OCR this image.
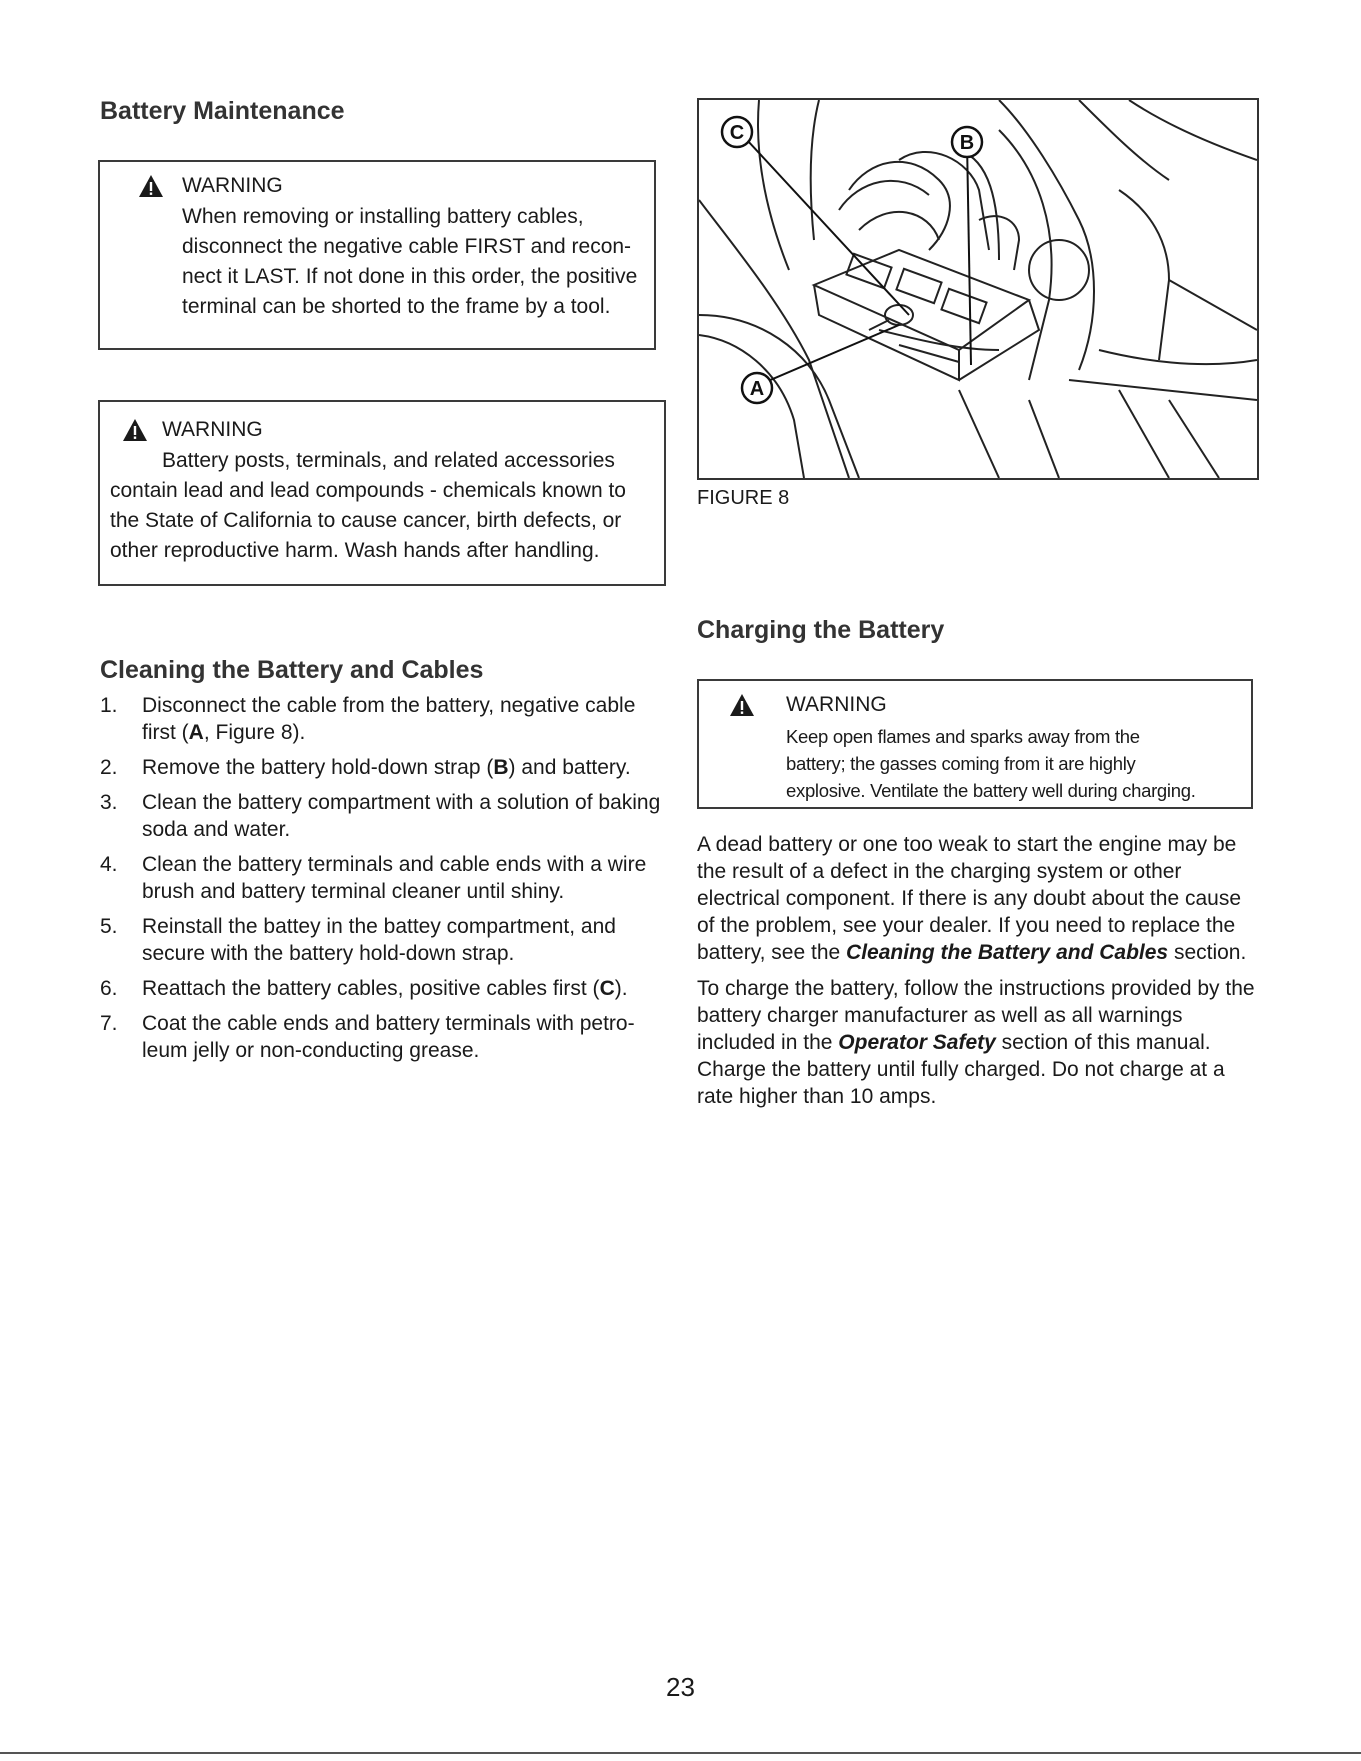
Battery Maintenance
WARNING
When removing or installing battery cables,
disconnect the negative cable FIRST and recon-
nect it LAST. If not done in this order, the positive
terminal can be shorted to the frame by a tool.
WARNING
Battery posts, terminals, and related accessories
contain lead and lead compounds - chemicals known to
the State of California to cause cancer, birth defects, or
other reproductive harm. Wash hands after handling.
Cleaning the Battery and Cables
1.	Disconnect the cable from the battery, negative cable first (A, Figure 8).
2.	Remove the battery hold-down strap (B) and battery.
3.	Clean the battery compartment with a solution of baking soda and water.
4.	Clean the battery terminals and cable ends with a wire brush and battery terminal cleaner until shiny.
5.	Reinstall the battey in the battey compartment, and secure with the battery hold-down strap.
6.	Reattach the battery cables, positive cables first (C).
7.	Coat the cable ends and battery terminals with petro-leum jelly or non-conducting grease.
C	B
A
FIGURE 8
Charging the Battery
WARNING
Keep open flames and sparks away from the
battery; the gasses coming from it are highly
explosive. Ventilate the battery well during charging.

A dead battery or one too weak to start the engine may be the result of a defect in the charging system or other electrical component. If there is any doubt about the cause of the problem, see your dealer. If you need to replace the battery, see the Cleaning the Battery and Cables section.

To charge the battery, follow the instructions provided by the battery charger manufacturer as well as all warnings included in the Operator Safety section of this manual. Charge the battery until fully charged. Do not charge at a rate higher than 10 amps.

23
